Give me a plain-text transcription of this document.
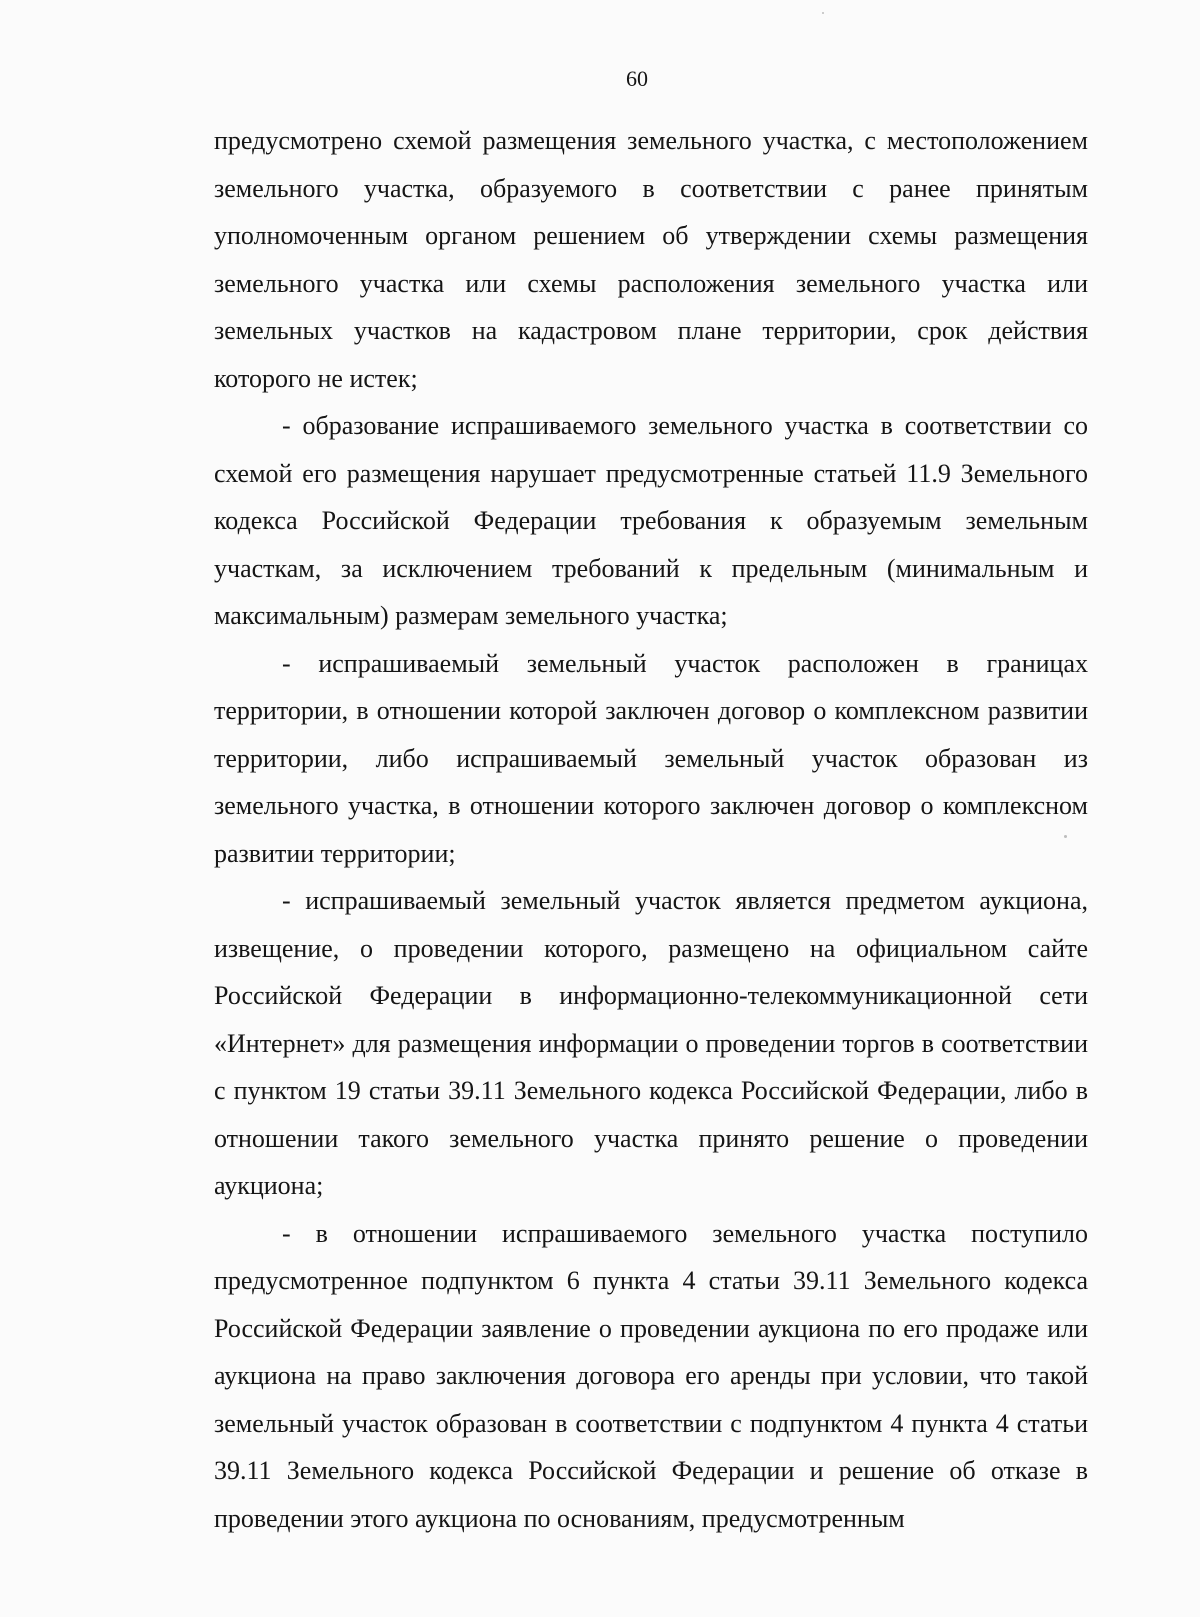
60

предусмотрено схемой размещения земельного участка, с местоположением земельного участка, образуемого в соответствии с ранее принятым уполномоченным органом решением об утверждении схемы размещения земельного участка или схемы расположения земельного участка или земельных участков на кадастровом плане территории, срок действия которого не истек;

- образование испрашиваемого земельного участка в соответствии со схемой его размещения нарушает предусмотренные статьей 11.9 Земельного кодекса Российской Федерации требования к образуемым земельным участкам, за исключением требований к предельным (минимальным и максимальным) размерам земельного участка;

- испрашиваемый земельный участок расположен в границах территории, в отношении которой заключен договор о комплексном развитии территории, либо испрашиваемый земельный участок образован из земельного участка, в отношении которого заключен договор о комплексном развитии территории;

- испрашиваемый земельный участок является предметом аукциона, извещение, о проведении которого, размещено на официальном сайте Российской Федерации в информационно-телекоммуникационной сети «Интернет» для размещения информации о проведении торгов в соответствии с пунктом 19 статьи 39.11 Земельного кодекса Российской Федерации, либо в отношении такого земельного участка принято решение о проведении аукциона;

- в отношении испрашиваемого земельного участка поступило предусмотренное подпунктом 6 пункта 4 статьи 39.11 Земельного кодекса Российской Федерации заявление о проведении аукциона по его продаже или аукциона на право заключения договора его аренды при условии, что такой земельный участок образован в соответствии с подпунктом 4 пункта 4 статьи 39.11 Земельного кодекса Российской Федерации и решение об отказе в проведении этого аукциона по основаниям, предусмотренным
